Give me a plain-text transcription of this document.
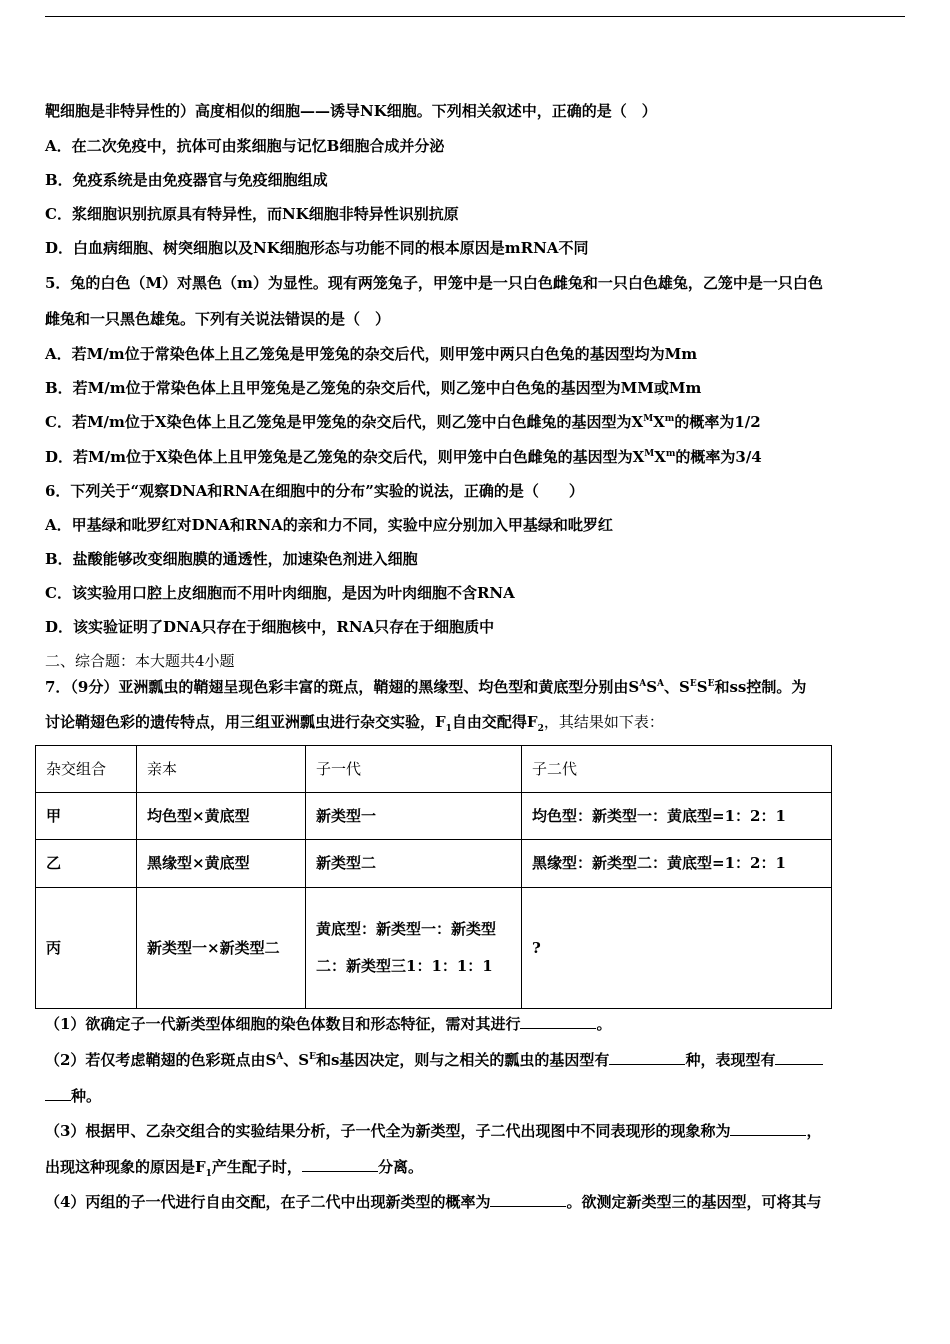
靶细胞是非特异性的）高度相似的细胞——诱导NK细胞。下列相关叙述中，正确的是（　）
A．在二次免疫中，抗体可由浆细胞与记忆B细胞合成并分泌
B．免疫系统是由免疫器官与免疫细胞组成
C．浆细胞识别抗原具有特异性，而NK细胞非特异性识别抗原
D．白血病细胞、树突细胞以及NK细胞形态与功能不同的根本原因是mRNA不同
5．兔的白色（M）对黑色（m）为显性。现有两笼兔子，甲笼中是一只白色雌兔和一只白色雄兔，乙笼中是一只白色
雌兔和一只黑色雄兔。下列有关说法错误的是（　）
A．若M/m位于常染色体上且乙笼兔是甲笼兔的杂交后代，则甲笼中两只白色兔的基因型均为Mm
B．若M/m位于常染色体上且甲笼兔是乙笼兔的杂交后代，则乙笼中白色兔的基因型为MM或Mm
C．若M/m位于X染色体上且乙笼兔是甲笼兔的杂交后代，则乙笼中白色雌兔的基因型为$X^MX^m$的概率为1/2
D．若M/m位于X染色体上且甲笼兔是乙笼兔的杂交后代，则甲笼中白色雌兔的基因型为$X^MX^m$的概率为3/4
6．下列关于“观察DNA和RNA在细胞中的分布”实验的说法，正确的是（　　）
A．甲基绿和吡罗红对DNA和RNA的亲和力不同，实验中应分别加入甲基绿和吡罗红
B．盐酸能够改变细胞膜的通透性，加速染色剂进入细胞
C．该实验用口腔上皮细胞而不用叶肉细胞，是因为叶肉细胞不含RNA
D．该实验证明了DNA只存在于细胞核中，RNA只存在于细胞质中
二、综合题：本大题共4小题
7．（9分）亚洲瓢虫的鞘翅呈现色彩丰富的斑点，鞘翅的黑缘型、均色型和黄底型分别由$S^AS^A$、$S^ES^E$和ss控制。为
讨论鞘翅色彩的遗传特点，用三组亚洲瓢虫进行杂交实验，$F_1$自由交配得$F_2$，其结果如下表：
杂交组合	亲本	子一代	子二代
甲	均色型×黄底型	新类型一	均色型：新类型一：黄底型=1：2：1
乙	黑缘型×黄底型	新类型二	黑缘型：新类型二：黄底型=1：2：1
丙	新类型一×新类型二	黄底型：新类型一：新类型二：新类型三1：1：1：1	?
（1）欲确定子一代新类型体细胞的染色体数目和形态特征，需对其进行	。
（2）若仅考虑鞘翅的色彩斑点由$S^A$、$S^E$和s基因决定，则与之相关的瓢虫的基因型有	种，表现型有
种。
（3）根据甲、乙杂交组合的实验结果分析，子一代全为新类型，子二代出现图中不同表现形的现象称为	，
出现这种现象的原因是$F_1$产生配子时，	分离。
（4）丙组的子一代进行自由交配，在子二代中出现新类型的概率为	。欲测定新类型三的基因型，可将其与
